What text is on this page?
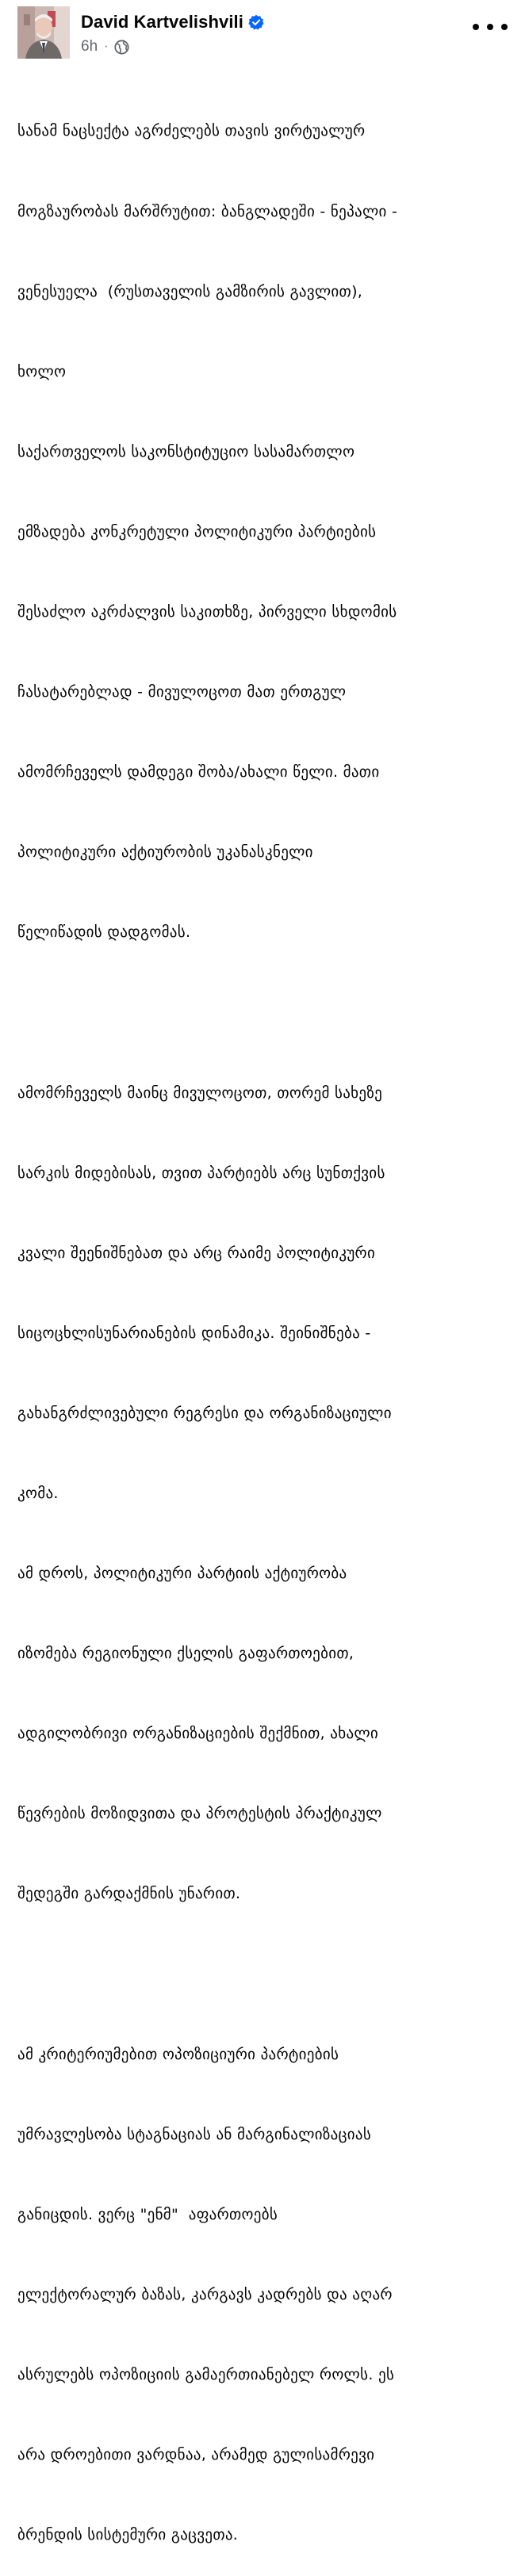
David Kartvelishvili
6h ·

სანამ ნაცსექტა აგრძელებს თავის ვირტუალურ

მოგზაურობას მარშრუტით: ბანგლადეში - ნეპალი -

ვენესუელა  (რუსთაველის გამზირის გავლით),

ხოლო

საქართველოს საკონსტიტუციო სასამართლო

ემზადება კონკრეტული პოლიტიკური პარტიების

შესაძლო აკრძალვის საკითხზე, პირველი სხდომის

ჩასატარებლად - მივულოცოთ მათ ერთგულ

ამომრჩეველს დამდეგი შობა/ახალი წელი. მათი

პოლიტიკური აქტიურობის უკანასკნელი

წელიწადის დადგომას.

ამომრჩეველს მაინც მივულოცოთ, თორემ სახეზე

სარკის მიდებისას, თვით პარტიებს არც სუნთქვის

კვალი შეენიშნებათ და არც რაიმე პოლიტიკური

სიცოცხლისუნარიანების დინამიკა. შეინიშნება -

გახანგრძლივებული რეგრესი და ორგანიზაციული

კომა.

ამ დროს, პოლიტიკური პარტიის აქტიურობა

იზომება რეგიონული ქსელის გაფართოებით,

ადგილობრივი ორგანიზაციების შექმნით, ახალი

წევრების მოზიდვითა და პროტესტის პრაქტიკულ

შედეგში გარდაქმნის უნარით.

ამ კრიტერიუმებით ოპოზიციური პარტიების

უმრავლესობა სტაგნაციას ან მარგინალიზაციას

განიცდის. ვერც "ენმ"  აფართოებს

ელექტორალურ ბაზას, კარგავს კადრებს და აღარ

ასრულებს ოპოზიციის გამაერთიანებელ როლს. ეს

არა დროებითი ვარდნაა, არამედ გულისამრევი

ბრენდის სისტემური გაცვეთა.
